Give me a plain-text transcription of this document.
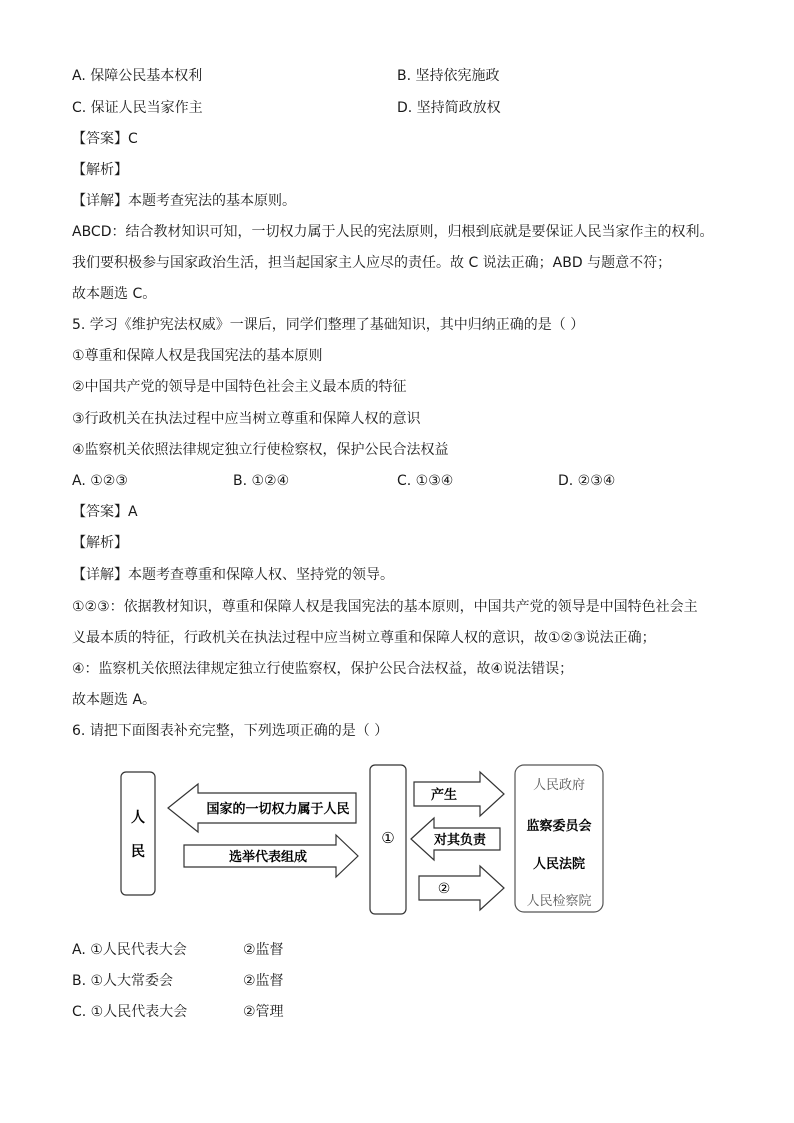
A. 保障公民基本权利	B. 坚持依宪施政
C. 保证人民当家作主	D. 坚持简政放权
【答案】C
【解析】
【详解】本题考查宪法的基本原则。
ABCD：结合教材知识可知，一切权力属于人民的宪法原则，归根到底就是要保证人民当家作主的权利。
我们要积极参与国家政治生活，担当起国家主人应尽的责任。故 C 说法正确；ABD 与题意不符；
故本题选 C。
5. 学习《维护宪法权威》一课后，同学们整理了基础知识，其中归纳正确的是（ ）
①尊重和保障人权是我国宪法的基本原则
②中国共产党的领导是中国特色社会主义最本质的特征
③行政机关在执法过程中应当树立尊重和保障人权的意识
④监察机关依照法律规定独立行使检察权，保护公民合法权益
A. ①②③	B. ①②④	C. ①③④	D. ②③④
【答案】A
【解析】
【详解】本题考查尊重和保障人权、坚持党的领导。
①②③：依据教材知识，尊重和保障人权是我国宪法的基本原则，中国共产党的领导是中国特色社会主
义最本质的特征，行政机关在执法过程中应当树立尊重和保障人权的意识，故①②③说法正确；
④：监察机关依照法律规定独立行使监察权，保护公民合法权益，故④说法错误；
故本题选 A。
6. 请把下面图表补充完整，下列选项正确的是（ ）
人
民
国家的一切权力属于人民
选举代表组成
①
产生
对其负责
②
人民政府
监察委员会
人民法院
人民检察院
A. ①人民代表大会	②监督
B. ①人大常委会	②监督
C. ①人民代表大会	②管理
